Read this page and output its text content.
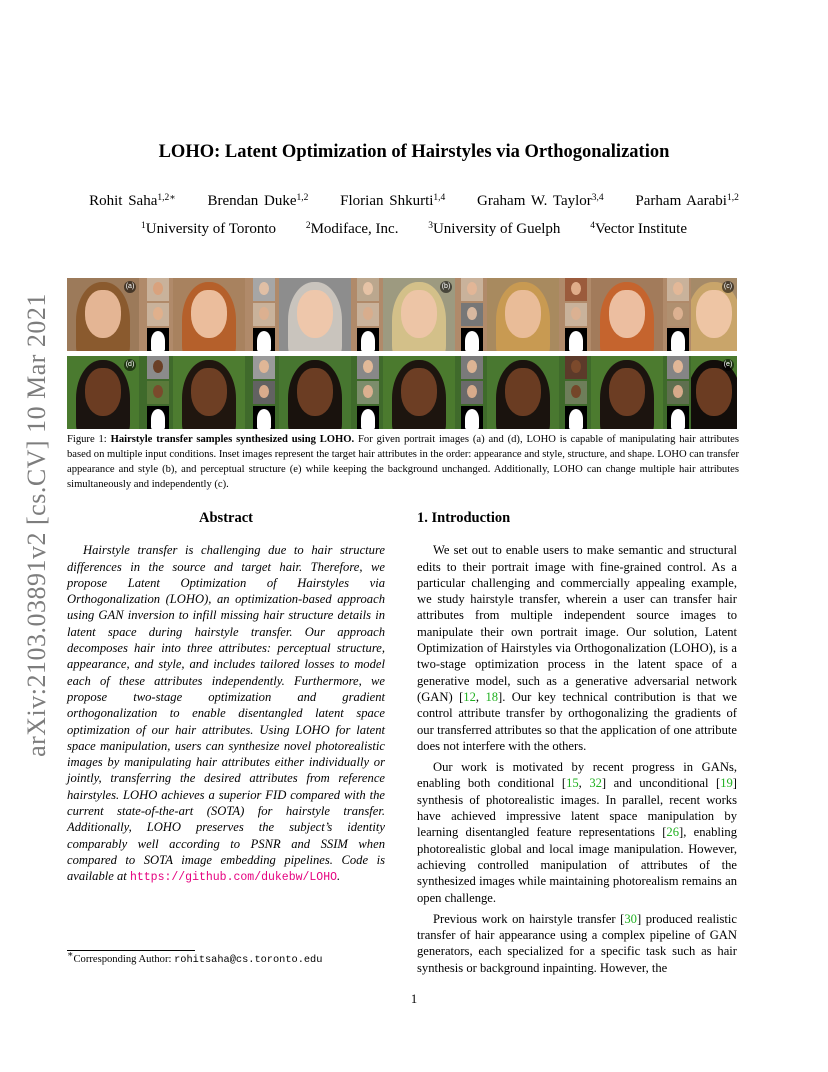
LOHO: Latent Optimization of Hairstyles via Orthogonalization
Rohit Saha$^{1,2∗}$ Brendan Duke$^{1,2}$ Florian Shkurti$^{1,4}$ Graham W. Taylor$^{3,4}$ Parham Aarabi$^{1,2}$
$^1$University of Toronto	$^2$Modiface, Inc.	$^3$University of Guelph	$^4$Vector Institute
arXiv:2103.03891v2 [cs.CV] 10 Mar 2021
(a)	(b)	(c)
(d)	(e)
Figure 1: Hairstyle transfer samples synthesized using LOHO. For given portrait images (a) and (d), LOHO is capable of manipulating hair attributes based on multiple input conditions. Inset images represent the target hair attributes in the order: appearance and style, structure, and shape. LOHO can transfer appearance and style (b), and perceptual structure (e) while keeping the background unchanged. Additionally, LOHO can change multiple hair attributes simultaneously and independently (c).
Abstract

Hairstyle transfer is challenging due to hair structure differences in the source and target hair. Therefore, we propose Latent Optimization of Hairstyles via Orthogonalization (LOHO), an optimization-based approach using GAN inversion to infill missing hair structure details in latent space during hairstyle transfer. Our approach decomposes hair into three attributes: perceptual structure, appearance, and style, and includes tailored losses to model each of these attributes independently. Furthermore, we propose two-stage optimization and gradient orthogonalization to enable disentangled latent space optimization of our hair attributes. Using LOHO for latent space manipulation, users can synthesize novel photorealistic images by manipulating hair attributes either individually or jointly, transferring the desired attributes from reference hairstyles. LOHO achieves a superior FID compared with the current state-of-the-art (SOTA) for hairstyle transfer. Additionally, LOHO preserves the subject’s identity comparably well according to PSNR and SSIM when compared to SOTA image embedding pipelines. Code is available at https://github.com/dukebw/LOHO.

1. Introduction

We set out to enable users to make semantic and structural edits to their portrait image with fine-grained control. As a particular challenging and commercially appealing example, we study hairstyle transfer, wherein a user can transfer hair attributes from multiple independent source images to manipulate their own portrait image. Our solution, Latent Optimization of Hairstyles via Orthogonalization (LOHO), is a two-stage optimization process in the latent space of a generative model, such as a generative adversarial network (GAN) [12, 18]. Our key technical contribution is that we control attribute transfer by orthogonalizing the gradients of our transferred attributes so that the application of one attribute does not interfere with the others.

Our work is motivated by recent progress in GANs, enabling both conditional [15, 32] and unconditional [19] synthesis of photorealistic images. In parallel, recent works have achieved impressive latent space manipulation by learning disentangled feature representations [26], enabling photorealistic global and local image manipulation. However, achieving controlled manipulation of attributes of the synthesized images while maintaining photorealism remains an open challenge.

Previous work on hairstyle transfer [30] produced realistic transfer of hair appearance using a complex pipeline of GAN generators, each specialized for a specific task such as hair synthesis or background inpainting. However, the

∗Corresponding Author: rohitsaha@cs.toronto.edu
1
